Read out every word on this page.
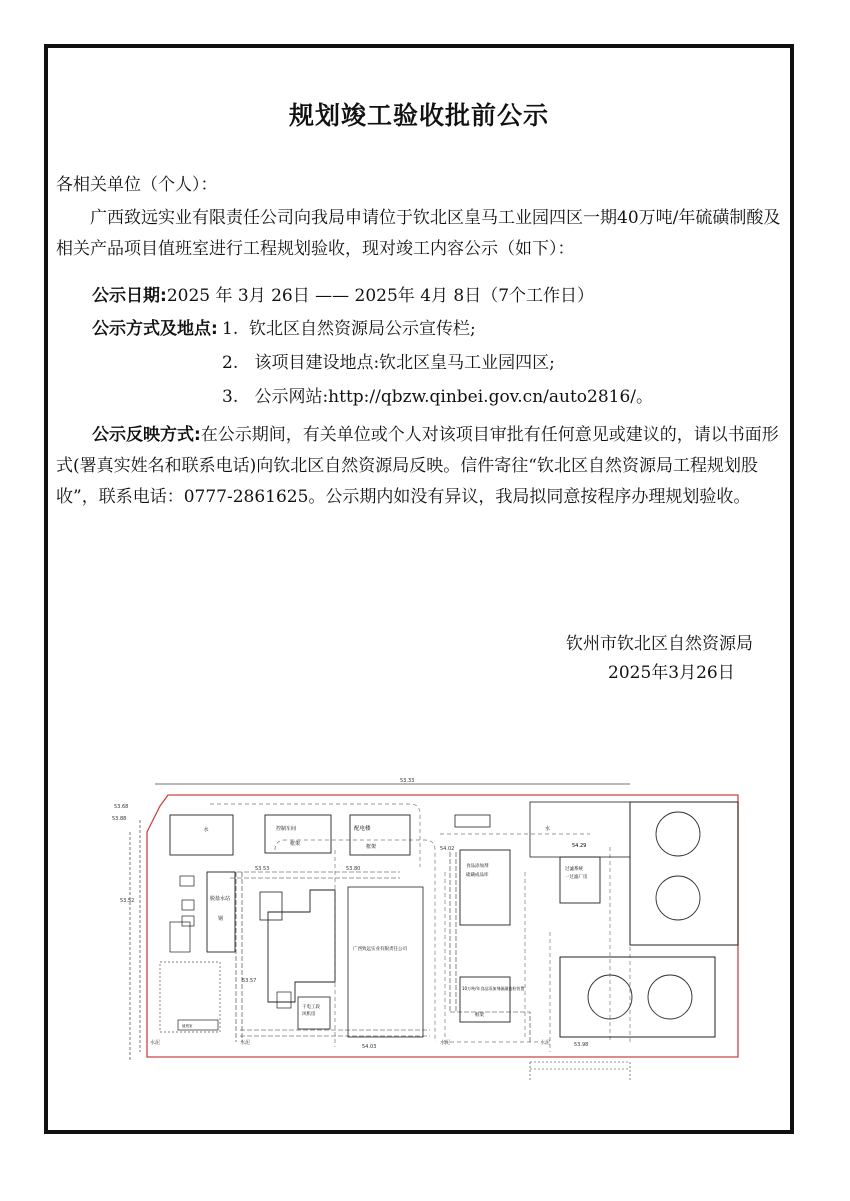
规划竣工验收批前公示
各相关单位（个人）：
广西致远实业有限责任公司向我局申请位于钦北区皇马工业园四区一期40万吨/年硫磺制酸及相关产品项目值班室进行工程规划验收，现对竣工内容公示（如下）：
公示日期:2025 年 3月 26日 —— 2025年 4月 8日（7个工作日）
公示方式及地点: 1. 钦北区自然资源局公示宣传栏;
2. 该项目建设地点:钦北区皇马工业园四区;
3. 公示网站:http://qbzw.qinbei.gov.cn/auto2816/。
公示反映方式:在公示期间，有关单位或个人对该项目审批有任何意见或建议的，请以书面形式(署真实姓名和联系电话)向钦北区自然资源局反映。信件寄往“钦北区自然资源局工程规划股收”，联系电话：0777-2861625。公示期内如没有异议，我局拟同意按程序办理规划验收。
钦州市钦北区自然资源局
2025年3月26日
水	控制车间
框架
配电楼
框架
水
54.29
脱盐水站
钢
干电工段
风机房
广西致远实业有限责任公司
食品添加剂
硫磺成品库
10万吨/年食品添加剂硫磺造粒装置
框架
过滤系统
一过滤厂房
值班室
53.33
53.68
53.88
53.53	53.80
54.02
53.52
53.57
54.03	53.98
水泥	水泥	水泥	水泥
